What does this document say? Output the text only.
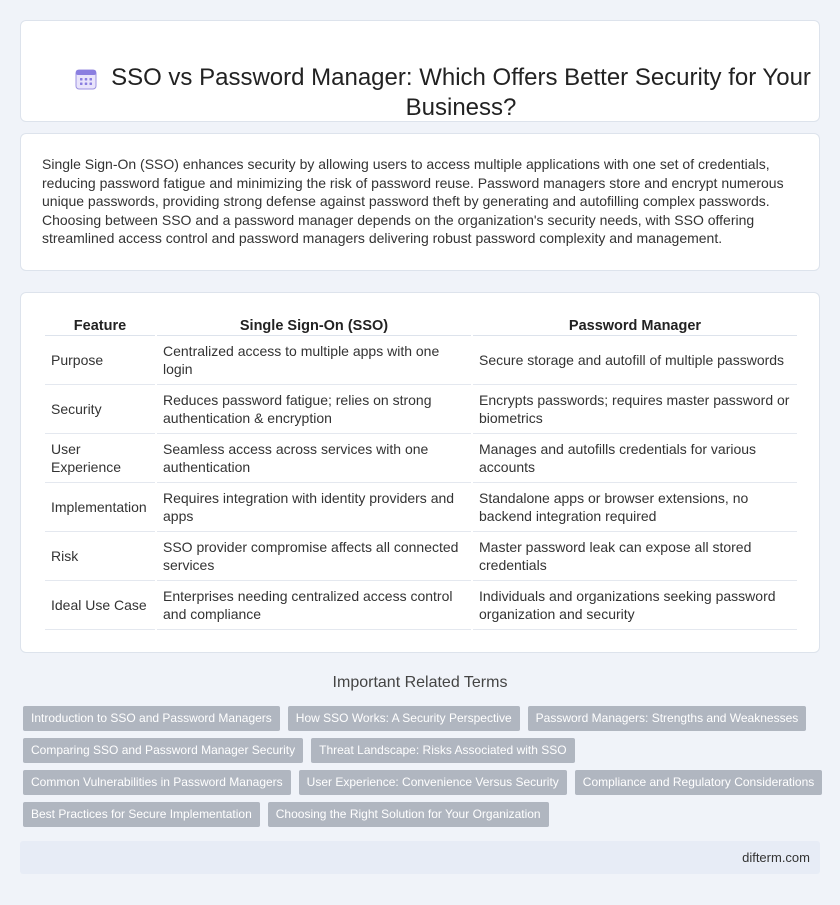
SSO vs Password Manager: Which Offers Better Security for Your Business?

Single Sign-On (SSO) enhances security by allowing users to access multiple applications with one set of credentials, reducing password fatigue and minimizing the risk of password reuse. Password managers store and encrypt numerous unique passwords, providing strong defense against password theft by generating and autofilling complex passwords. Choosing between SSO and a password manager depends on the organization's security needs, with SSO offering streamlined access control and password managers delivering robust password complexity and management.

Feature	Single Sign-On (SSO)	Password Manager
Purpose	Centralized access to multiple apps with one login	Secure storage and autofill of multiple passwords
Security	Reduces password fatigue; relies on strong authentication & encryption	Encrypts passwords; requires master password or biometrics
User Experience	Seamless access across services with one authentication	Manages and autofills credentials for various accounts
Implementation	Requires integration with identity providers and apps	Standalone apps or browser extensions, no backend integration required
Risk	SSO provider compromise affects all connected services	Master password leak can expose all stored credentials
Ideal Use Case	Enterprises needing centralized access control and compliance	Individuals and organizations seeking password organization and security
Important Related Terms
Introduction to SSO and Password Managers	How SSO Works: A Security Perspective	Password Managers: Strengths and Weaknesses
Comparing SSO and Password Manager Security	Threat Landscape: Risks Associated with SSO
Common Vulnerabilities in Password Managers	User Experience: Convenience Versus Security	Compliance and Regulatory Considerations
Best Practices for Secure Implementation	Choosing the Right Solution for Your Organization
difterm.com
